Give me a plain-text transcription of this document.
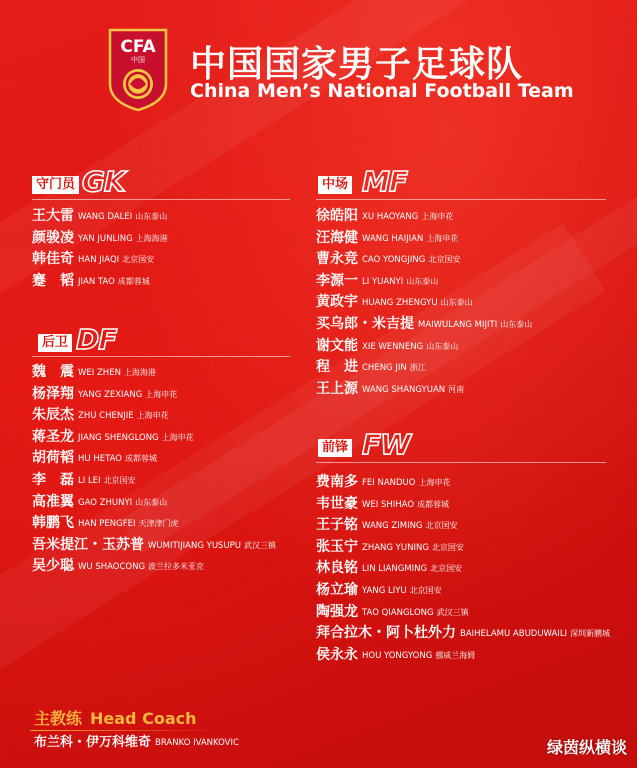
CFA
中国 中国国家男子足球队
China Men’s National Football Team
守门员 GK
王大雷 WANG DALEI 山东泰山
颜骏凌 YAN JUNLING 上海海港
韩佳奇 HAN JIAQI 北京国安
蹇　韬 JIAN TAO 成都蓉城
后卫 DF
魏　震 WEI ZHEN 上海海港
杨泽翔 YANG ZEXIANG 上海申花
朱辰杰 ZHU CHENJIE 上海申花
蒋圣龙 JIANG SHENGLONG 上海申花
胡荷韬 HU HETAO 成都蓉城
李　磊 LI LEI 北京国安
高准翼 GAO ZHUNYI 山东泰山
韩鹏飞 HAN PENGFEI 天津津门虎
吾米提江・玉苏普 WUMITIJIANG YUSUPU 武汉三镇
吴少聪 WU SHAOCONG 波兰拉多米亚克
中场 MF
徐皓阳 XU HAOYANG 上海申花
汪海健 WANG HAIJIAN 上海申花
曹永竞 CAO YONGJING 北京国安
李源一 LI YUANYI 山东泰山
黄政宇 HUANG ZHENGYU 山东泰山
买乌郎・米吉提 MAIWULANG MIJITI 山东泰山
谢文能 XIE WENNENG 山东泰山
程　进 CHENG JIN 浙江
王上源 WANG SHANGYUAN 河南
前锋 FW
费南多 FEI NANDUO 上海申花
韦世豪 WEI SHIHAO 成都蓉城
王子铭 WANG ZIMING 北京国安
张玉宁 ZHANG YUNING 北京国安
林良铭 LIN LIANGMING 北京国安
杨立瑜 YANG LIYU 北京国安
陶强龙 TAO QIANGLONG 武汉三镇
拜合拉木・阿卜杜外力 BAIHELAMU ABUDUWAILI 深圳新鹏城
侯永永 HOU YONGYONG 挪威兰海姆
主教练 Head Coach
布兰科・伊万科维奇 BRANKO IVANKOVIC	绿茵纵横谈
